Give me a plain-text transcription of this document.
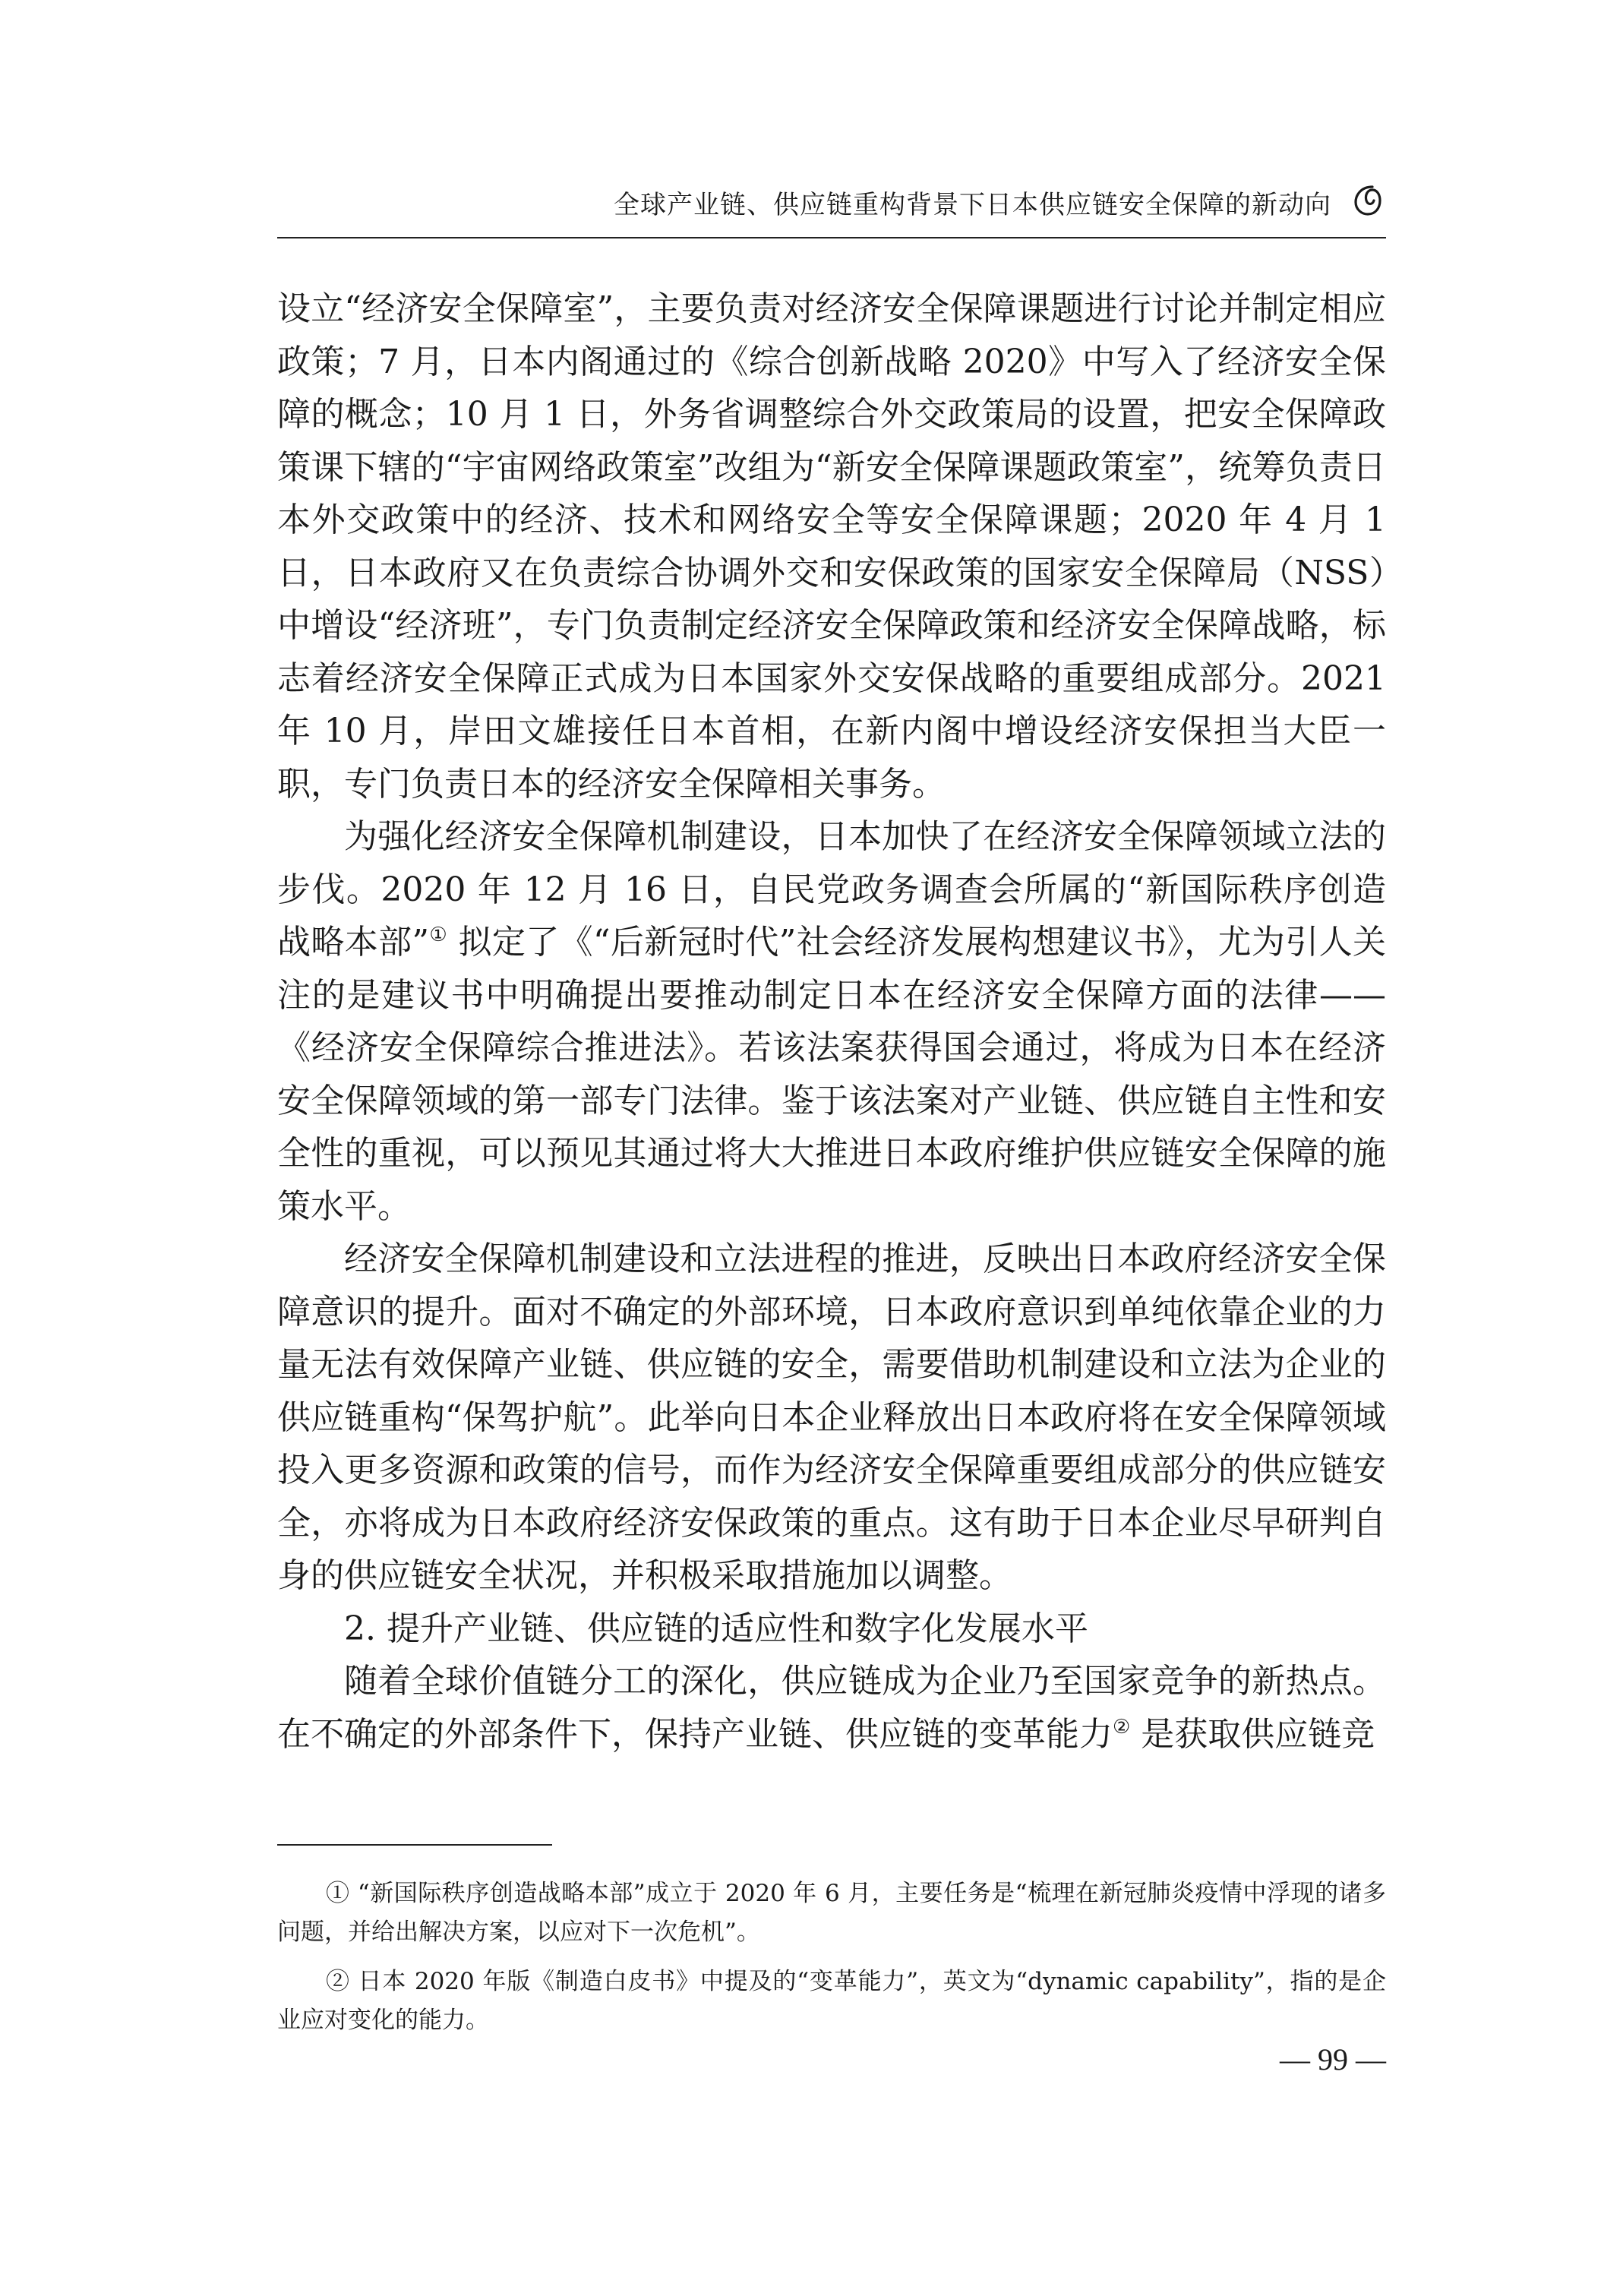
全球产业链、供应链重构背景下日本供应链安全保障的新动向

设立“经济安全保障室”，主要负责对经济安全保障课题进行讨论并制定相应政策；7 月，日本内阁通过的《综合创新战略 2020》中写入了经济安全保障的概念；10 月 1 日，外务省调整综合外交政策局的设置，把安全保障政策课下辖的“宇宙网络政策室”改组为“新安全保障课题政策室”，统筹负责日本外交政策中的经济、技术和网络安全等安全保障课题；2020 年 4 月 1 日，日本政府又在负责综合协调外交和安保政策的国家安全保障局（NSS）中增设“经济班”，专门负责制定经济安全保障政策和经济安全保障战略，标志着经济安全保障正式成为日本国家外交安保战略的重要组成部分。2021 年 10 月，岸田文雄接任日本首相，在新内阁中增设经济安保担当大臣一职，专门负责日本的经济安全保障相关事务。

为强化经济安全保障机制建设，日本加快了在经济安全保障领域立法的步伐。2020 年 12 月 16 日，自民党政务调查会所属的“新国际秩序创造战略本部”① 拟定了《“后新冠时代”社会经济发展构想建议书》，尤为引人关注的是建议书中明确提出要推动制定日本在经济安全保障方面的法律——《经济安全保障综合推进法》。若该法案获得国会通过，将成为日本在经济安全保障领域的第一部专门法律。鉴于该法案对产业链、供应链自主性和安全性的重视，可以预见其通过将大大推进日本政府维护供应链安全保障的施策水平。

经济安全保障机制建设和立法进程的推进，反映出日本政府经济安全保障意识的提升。面对不确定的外部环境，日本政府意识到单纯依靠企业的力量无法有效保障产业链、供应链的安全，需要借助机制建设和立法为企业的供应链重构“保驾护航”。此举向日本企业释放出日本政府将在安全保障领域投入更多资源和政策的信号，而作为经济安全保障重要组成部分的供应链安全，亦将成为日本政府经济安保政策的重点。这有助于日本企业尽早研判自身的供应链安全状况，并积极采取措施加以调整。

2. 提升产业链、供应链的适应性和数字化发展水平

随着全球价值链分工的深化，供应链成为企业乃至国家竞争的新热点。在不确定的外部条件下，保持产业链、供应链的变革能力② 是获取供应链竞

① “新国际秩序创造战略本部”成立于 2020 年 6 月，主要任务是“梳理在新冠肺炎疫情中浮现的诸多问题，并给出解决方案，以应对下一次危机”。

② 日本 2020 年版《制造白皮书》中提及的“变革能力”，英文为“dynamic capability”，指的是企业应对变化的能力。

— 99 —
